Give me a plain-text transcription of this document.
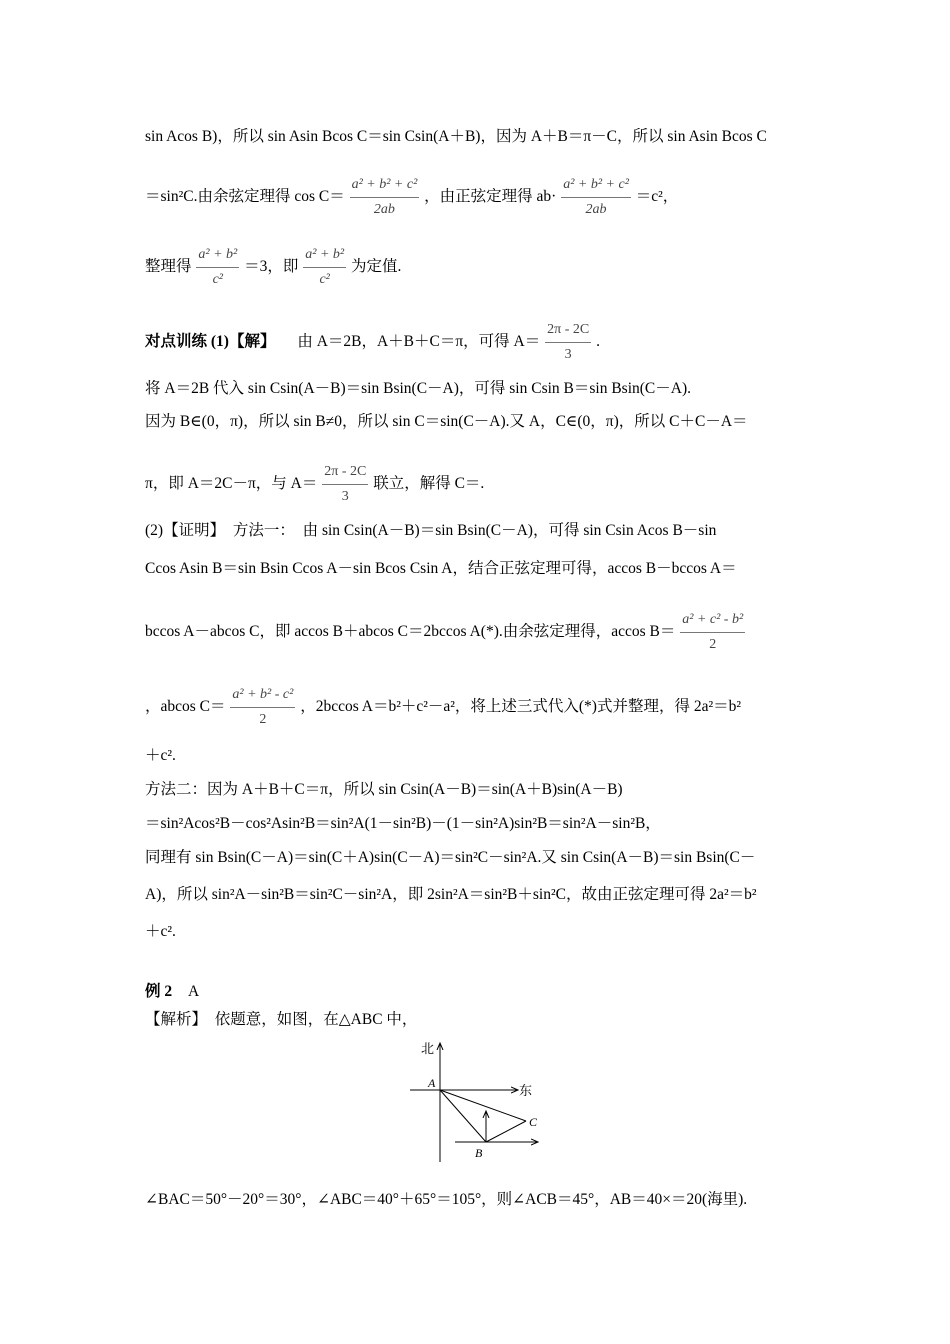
sin Acos B)，所以 sin Asin Bcos C＝sin Csin(A＋B)，因为 A＋B＝π－C，所以 sin Asin Bcos C
＝sin²C.由余弦定理得 $\cos C= \frac{\text{a² + b² + c²}}{2ab}$ ，由正弦定理得 $ab\cdot \frac{\text{a² + b² + c²}}{2ab} =c^2$，
整理得 $\frac{\text{a² + b²}}{\text{c²}} =3$，即 $\frac{\text{a² + b²}}{\text{c²}}$ 为定值.
对点训练 (1)【解】 由 A＝2B，A＋B＋C＝π，可得 $A= \frac{2\pi - 2C}{3}$ .
将 A＝2B 代入 sin Csin(A－B)＝sin Bsin(C－A)，可得 sin Csin B＝sin Bsin(C－A).
因为 B∈(0，π)，所以 sin B≠0，所以 sin C＝sin(C－A).又 A，C∈(0，π)，所以 C＋C－A＝
π，即 A＝2C－π，与 $A= \frac{2\pi - 2C}{3}$ 联立，解得 C＝.
(2)【证明】　方法一：　由 sin Csin(A－B)＝sin Bsin(C－A)，可得 sin Csin Acos B－sin
Ccos Asin B＝sin Bsin Ccos A－sin Bcos Csin A，结合正弦定理可得，accos B－bccos A＝
bccos A－abcos C，即 accos B＋abcos C＝2bccos A(*).由余弦定理得，accos $B= \frac{\text{a² + c² - b²}}{2}$
，abcos $C= \frac{\text{a² + b² - c²}}{2}$ ，2bccos A＝b²＋c²－a²，将上述三式代入(*)式并整理，得 2a²＝b²
＋c².
方法二：因为 A＋B＋C＝π，所以 sin Csin(A－B)＝sin(A＋B)sin(A－B)
＝sin²Acos²B－cos²Asin²B＝sin²A(1－sin²B)－(1－sin²A)sin²B＝sin²A－sin²B，
同理有 sin Bsin(C－A)＝sin(C＋A)sin(C－A)＝sin²C－sin²A.又 sin Csin(A－B)＝sin Bsin(C－
A)，所以 sin²A－sin²B＝sin²C－sin²A，即 2sin²A＝sin²B＋sin²C，故由正弦定理可得 2a²＝b²
＋c².
例 2 A
【解析】　依题意，如图，在△ABC 中，
北
东
A
B
C
∠BAC＝50°－20°＝30°，∠ABC＝40°＋65°＝105°，则∠ACB＝45°，AB＝40×＝20(海里).
